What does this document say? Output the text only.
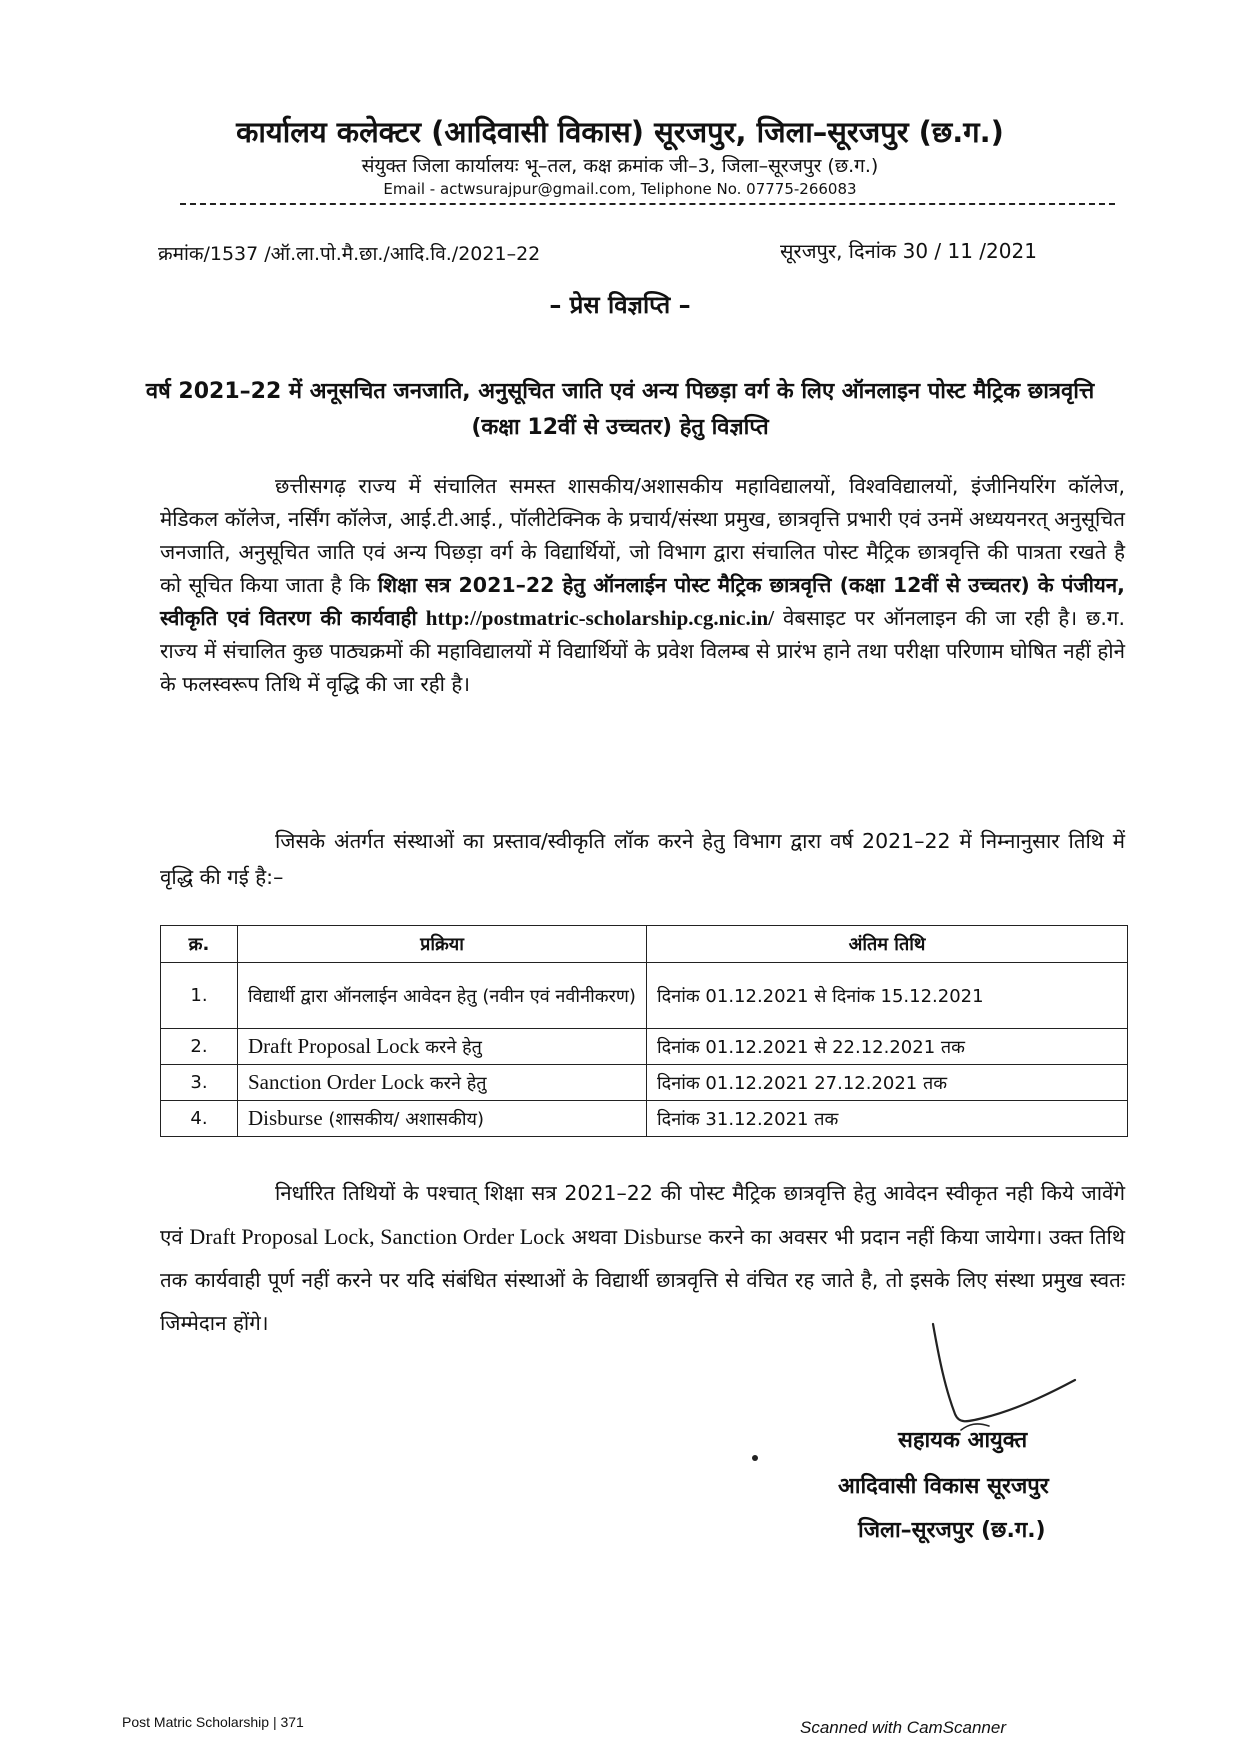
कार्यालय कलेक्टर (आदिवासी विकास) सूरजपुर, जिला–सूरजपुर (छ.ग.)
संयुक्त जिला कार्यालयः भू–तल, कक्ष क्रमांक जी–3, जिला–सूरजपुर (छ.ग.)
Email - actwsurajpur@gmail.com, Teliphone No. 07775-266083
क्रमांक/1537 /ऑ.ला.पो.मै.छा./आदि.वि./2021–22	सूरजपुर, दिनांक 30 / 11 /2021
– प्रेस विज्ञप्ति –
वर्ष 2021–22 में अनूसचित जनजाति, अनुसूचित जाति एवं अन्य पिछड़ा वर्ग के लिए ऑनलाइन पोस्ट मैट्रिक छात्रवृत्ति (कक्षा 12वीं से उच्चतर) हेतु विज्ञप्ति
छत्तीसगढ़ राज्य में संचालित समस्त शासकीय/अशासकीय महाविद्यालयों, विश्वविद्यालयों, इंजीनियरिंग कॉलेज, मेडिकल कॉलेज, नर्सिंग कॉलेज, आई.टी.आई., पॉलीटेक्निक के प्रचार्य/संस्था प्रमुख, छात्रवृत्ति प्रभारी एवं उनमें अध्ययनरत् अनुसूचित जनजाति, अनुसूचित जाति एवं अन्य पिछड़ा वर्ग के विद्यार्थियों, जो विभाग द्वारा संचालित पोस्ट मैट्रिक छात्रवृत्ति की पात्रता रखते है को सूचित किया जाता है कि शिक्षा सत्र 2021–22 हेतु ऑनलाईन पोस्ट मैट्रिक छात्रवृत्ति (कक्षा 12वीं से उच्चतर) के पंजीयन, स्वीकृति एवं वितरण की कार्यवाही http://postmatric-scholarship.cg.nic.in/ वेबसाइट पर ऑनलाइन की जा रही है। छ.ग. राज्य में संचालित कुछ पाठ्यक्रमों की महाविद्यालयों में विद्यार्थियों के प्रवेश विलम्ब से प्रारंभ हाने तथा परीक्षा परिणाम घोषित नहीं होने के फलस्वरूप तिथि में वृद्धि की जा रही है।
जिसके अंतर्गत संस्थाओं का प्रस्ताव/स्वीकृति लॉक करने हेतु विभाग द्वारा वर्ष 2021–22 में निम्नानुसार तिथि में वृद्धि की गई है:–
क्र.	प्रक्रिया	अंतिम तिथि
1.	विद्यार्थी द्वारा ऑनलाईन आवेदन हेतु (नवीन एवं नवीनीकरण)	दिनांक 01.12.2021 से दिनांक 15.12.2021
2.	Draft Proposal Lock करने हेतु	दिनांक 01.12.2021 से 22.12.2021 तक
3.	Sanction Order Lock करने हेतु	दिनांक 01.12.2021 27.12.2021 तक
4.	Disburse (शासकीय/ अशासकीय)	दिनांक 31.12.2021 तक
निर्धारित तिथियों के पश्चात् शिक्षा सत्र 2021–22 की पोस्ट मैट्रिक छात्रवृत्ति हेतु आवेदन स्वीकृत नही किये जावेंगे एवं Draft Proposal Lock, Sanction Order Lock अथवा Disburse करने का अवसर भी प्रदान नहीं किया जायेगा। उक्त तिथि तक कार्यवाही पूर्ण नहीं करने पर यदि संबंधित संस्थाओं के विद्यार्थी छात्रवृत्ति से वंचित रह जाते है, तो इसके लिए संस्था प्रमुख स्वतः जिम्मेदान होंगे।
सहायक आयुक्त
आदिवासी विकास सूरजपुर
जिला–सूरजपुर (छ.ग.)
Post Matric Scholarship | 371	Scanned with CamScanner
